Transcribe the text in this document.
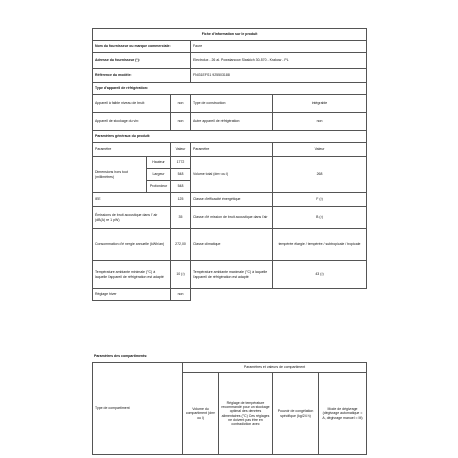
Fiche d'information sur le produit				
Nom du fournisseur ou marque commerciale:			Faure	
Adresse du fournisseur (¹):			Electrolux - 26 al. Powstancow Slaskich 30-570 - Krakow - PL	
Référence du modèle:			FNI31EFS1 925503188	
Type d'appareil de réfrigération:				
Appareil à faible niveau de bruit:		non	Type de construction:	intégrable
Appareil de stockage du vin:		non	Autre appareil de réfrigération:	non
Paramètres généraux du produit:				
Paramètre		Valeur	Paramètre	Valeur
Dimensions hors tout (millimètres)	Hauteur	1772	Volume total (dm³ ou l)	268
	Largeur	548		
	Profondeur	548		
IEE		125	Classe d'efficacité énergétique	F (²)
Émissions de bruit acoustique dans l' air (dB(A) re 1 pW)		35	Classe d'é mission de bruit acoustique dans l'air	B (²)
Consommation d'é nergie annuelle (kWh/an)		272,00	Classe climatique	tempérée élargie / tempérée / subtropicale / tropicale
Température ambiante minimale (°C) à laquelle l'appareil de réfrigération est adapté		10 (²)	Température ambiante maximale (°C) à laquelle l'appareil de réfrigération est adapté	43 (²)
Réglage hiver		non		
Paramètres des compartiments:
Type de compartiment	Paramètres et valeurs de compartiment			
	Volume du compartiment (dm³ ou l)	Réglage de température recommandé pour un stockage optimal des denrées alimentaires (°C) Ces réglages ne doivent pas être en contradiction avec	Pouvoir de congélation spécifique (kg/24 h)	Mode de dégivrage (dégivrage automatique = A, dégivrage manuel = M)
